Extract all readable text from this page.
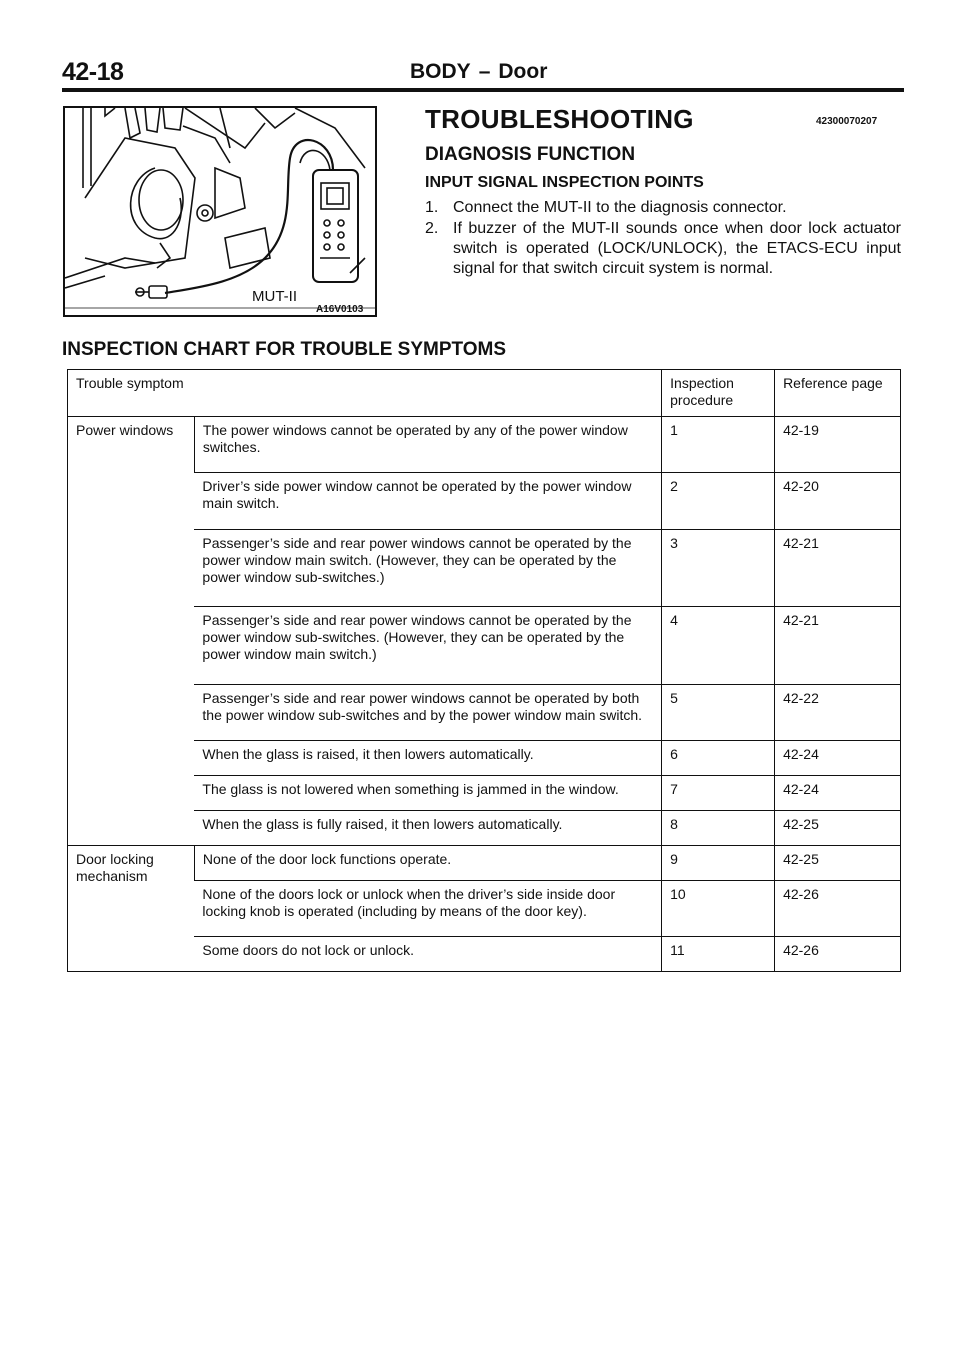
42-18	BODY – Door
MUT-II
A16V0103
TROUBLESHOOTING	42300070207
DIAGNOSIS FUNCTION
INPUT SIGNAL INSPECTION POINTS
1. Connect the MUT-II to the diagnosis connector.
2. If buzzer of the MUT-II sounds once when door lock actuator switch is operated (LOCK/UNLOCK), the ETACS-ECU input signal for that switch circuit system is normal.
INSPECTION CHART FOR TROUBLE SYMPTOMS
Trouble symptom		Inspection procedure	Reference page
Power windows	The power windows cannot be operated by any of the power window switches.	1	42-19
	Driver’s side power window cannot be operated by the power window main switch.	2	42-20
	Passenger’s side and rear power windows cannot be operated by the power window main switch. (However, they can be operated by the power window sub-switches.)	3	42-21
	Passenger’s side and rear power windows cannot be operated by the power window sub-switches. (However, they can be operated by the power window main switch.)	4	42-21
	Passenger’s side and rear power windows cannot be operated by both the power window sub-switches and by the power window main switch.	5	42-22
	When the glass is raised, it then lowers automatically.	6	42-24
	The glass is not lowered when something is jammed in the window.	7	42-24
	When the glass is fully raised, it then lowers automatically.	8	42-25
Door locking mechanism	None of the door lock functions operate.	9	42-25
	None of the doors lock or unlock when the driver’s side inside door locking knob is operated (including by means of the door key).	10	42-26
	Some doors do not lock or unlock.	11	42-26
